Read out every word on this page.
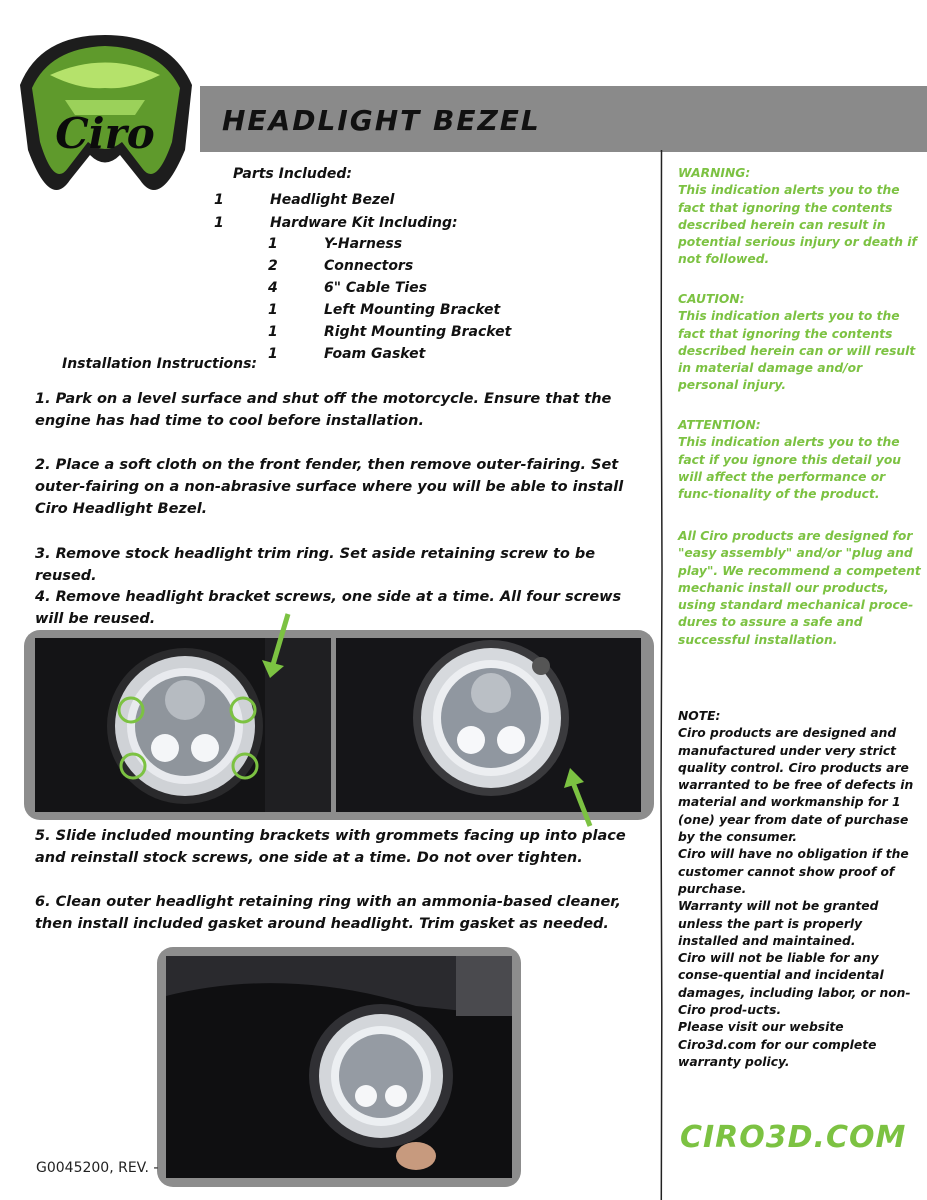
Ciro HEADLIGHT BEZEL
Parts Included:
1	Headlight Bezel
1	Hardware Kit Including:
1	Y-Harness
2	Connectors
4	6" Cable Ties
1	Left Mounting Bracket
1	Right Mounting Bracket
1	Foam Gasket
Installation Instructions:
1. Park on a level surface and shut off the motorcycle. Ensure that the engine has had time to cool before installation.
2. Place a soft cloth on the front fender, then remove outer-fairing. Set outer-fairing on a non-abrasive surface where you will be able to install Ciro Headlight Bezel.
3. Remove stock headlight trim ring. Set aside retaining screw to be reused.
4. Remove headlight bracket screws, one side at a time. All four screws will be reused.
5. Slide included mounting brackets with grommets facing up into place and reinstall stock screws, one side at a time. Do not over tighten.
6. Clean outer headlight retaining ring with an ammonia-based cleaner, then install included gasket around headlight. Trim gasket as needed.
WARNING:
This indication alerts you to the fact that ignoring the contents described herein can result in potential serious injury or death if not followed.
CAUTION:
This indication alerts you to the fact that ignoring the contents described herein can or will result in material damage and/or personal injury.
ATTENTION:
This indication alerts you to the fact if you ignore this detail you will affect the performance or func-tionality of the product.
All Ciro products are designed for "easy assembly" and/or "plug and play". We recommend a competent mechanic install our products, using standard mechanical proce-dures to assure a safe and successful installation.
NOTE:
Ciro products are designed and manufactured under very strict quality control. Ciro products are warranted to be free of defects in material and workmanship for 1 (one) year from date of purchase by the consumer.
Ciro will have no obligation if the customer cannot show proof of purchase.
Warranty will not be granted unless the part is properly installed and maintained.
Ciro will not be liable for any conse-quential and incidental damages, including labor, or non-Ciro prod-ucts.
Please visit our website Ciro3d.com for our complete warranty policy.
CIRO3D.COM
G0045200, REV. -
